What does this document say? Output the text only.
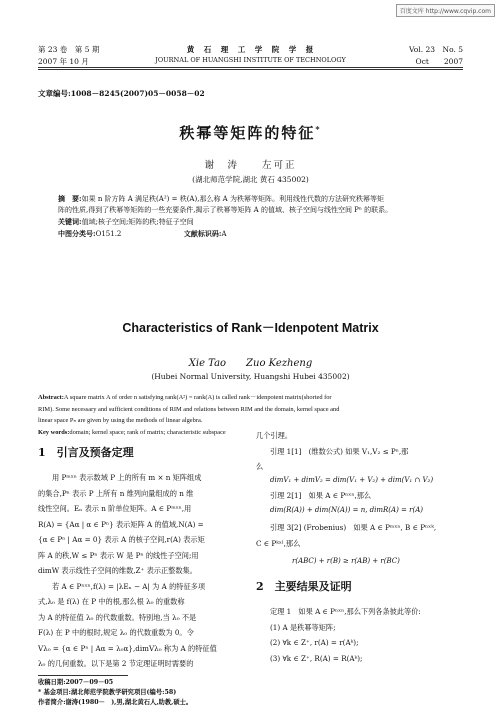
百度文库 http://www.cqvip.com
第 23 卷　第 5 期
2007 年 10 月
黄　石　理　工　学　院　学　报
JOURNAL OF HUANGSHI INSTITUTE OF TECHNOLOGY
Vol. 23　No. 5
Oct　　2007
文章编号:1008－8245(2007)05－0058－02
秩幂等矩阵的特征*
谢　涛　　左可正
(湖北师范学院,湖北 黄石 435002)
摘　要:如果 n 阶方阵 A 满足秩(A²) = 秩(A),那么称 A 为秩幂等矩阵。利用线性代数的方法研究秩幂等矩
阵的性质,得到了秩幂等矩阵的一些充要条件,揭示了秩幂等矩阵 A 的值域、核子空间与线性空间 Pⁿ 的联系。
关键词:值域;核子空间;矩阵的秩;特征子空间
中图分类号:O151.2	文献标识码:A
Characteristics of Rank－Idenpotent Matrix
Xie Tao　　Zuo Kezheng
(Hubei Normal University, Huangshi Hubei 435002)
Abstract:A square matrix A of order n satisfying rank(A²) = rank(A) is called rank－idenpotent matrix(shorted for
RIM). Some necessary and sufficient conditions of RIM and relations between RIM and the domain, kernel space and
linear space Pₙ are given by using the methods of linear algebra.
Key words:domain; kernel space; rank of matrix; characteristic subspace
1　 引言及预备定理
用 Pᵐˣⁿ 表示数域 P 上的所有 m × n 矩阵组成
的集合,Pⁿ 表示 P 上所有 n 维列向量组成的 n 维
线性空间。Eₙ 表示 n 阶单位矩阵。A ∈ Pᵐˣⁿ,用
R(A) = {Aα | α ∈ Pⁿ} 表示矩阵 A 的值域,N(A) =
{α ∈ Pⁿ | Aα = 0} 表示 A 的核子空间,r(A) 表示矩
阵 A 的秩,W ≤ Pⁿ 表示 W 是 Pⁿ 的线性子空间;用
dimW 表示线性子空间的维数,Z⁺ 表示正整数集。
若 A ∈ Pⁿˣⁿ,f(λ) = |λEₙ − A| 为 A 的特征多项
式,λ₀ 是 f(λ) 在 P 中的根,那么根 λ₀ 的重数称
为 A 的特征值 λ₀ 的代数重数。特别地,当 λ₀ 不是
F(λ) 在 P 中的根时,规定 λ₀ 的代数重数为 0。令
Vλ₀ = {α ∈ Pⁿ | Aα = λ₀α},dimVλ₀ 称为 A 的特征值
λ₀ 的几何重数。以下是第 2 节定理证明时需要的
收稿日期:2007－09－05
* 基金项目:湖北师范学院教学研究项目(编号:58)
作者简介:谢涛(1980－　),男,湖北黄石人,助教,硕士。
几个引理。
引理 1[1]　(维数公式) 如果 V₁,V₂ ≤ Pⁿ,那
么
dimV₁ + dimV₂ = dim(V₁ + V₂) + dim(V₁ ∩ V₂)
引理 2[1]　如果 A ∈ Pⁿˣⁿ,那么
dim(R(A)) + dim(N(A)) = n, dimR(A) = r(A)
引理 3[2] (Frobenius)　如果 A ∈ Pᵐˣⁿ, B ∈ Pⁿˣᵏ,
C ∈ Pᵏˣˡ,那么
r(ABC) + r(B) ≥ r(AB) + r(BC)
2　 主要结果及证明
定理 1　如果 A ∈ Pⁿˣⁿ,那么下列各条彼此等价:
(1) A 是秩幂等矩阵;
(2) ∀k ∈ Z⁺, r(A) = r(Aᵏ);
(3) ∀k ∈ Z⁺, R(A) = R(Aᵏ);
